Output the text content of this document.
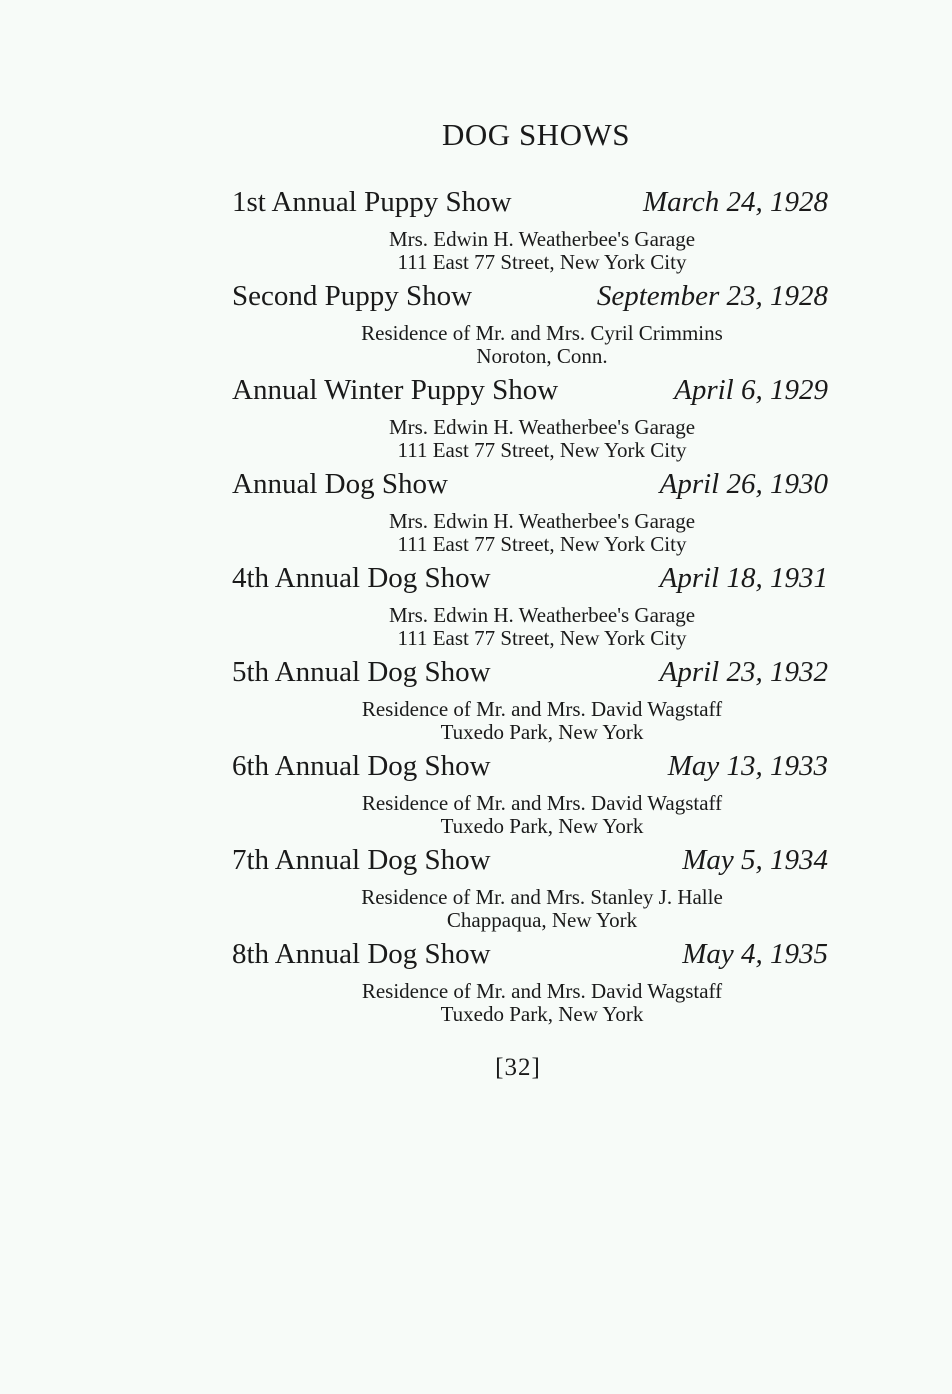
DOG SHOWS
1st Annual Puppy Show	March 24, 1928
Mrs. Edwin H. Weatherbee's Garage
111 East 77 Street, New York City
Second Puppy Show	September 23, 1928
Residence of Mr. and Mrs. Cyril Crimmins
Noroton, Conn.
Annual Winter Puppy Show	April 6, 1929
Mrs. Edwin H. Weatherbee's Garage
111 East 77 Street, New York City
Annual Dog Show	April 26, 1930
Mrs. Edwin H. Weatherbee's Garage
111 East 77 Street, New York City
4th Annual Dog Show	April 18, 1931
Mrs. Edwin H. Weatherbee's Garage
111 East 77 Street, New York City
5th Annual Dog Show	April 23, 1932
Residence of Mr. and Mrs. David Wagstaff
Tuxedo Park, New York
6th Annual Dog Show	May 13, 1933
Residence of Mr. and Mrs. David Wagstaff
Tuxedo Park, New York
7th Annual Dog Show	May 5, 1934
Residence of Mr. and Mrs. Stanley J. Halle
Chappaqua, New York
8th Annual Dog Show	May 4, 1935
Residence of Mr. and Mrs. David Wagstaff
Tuxedo Park, New York
[32]
